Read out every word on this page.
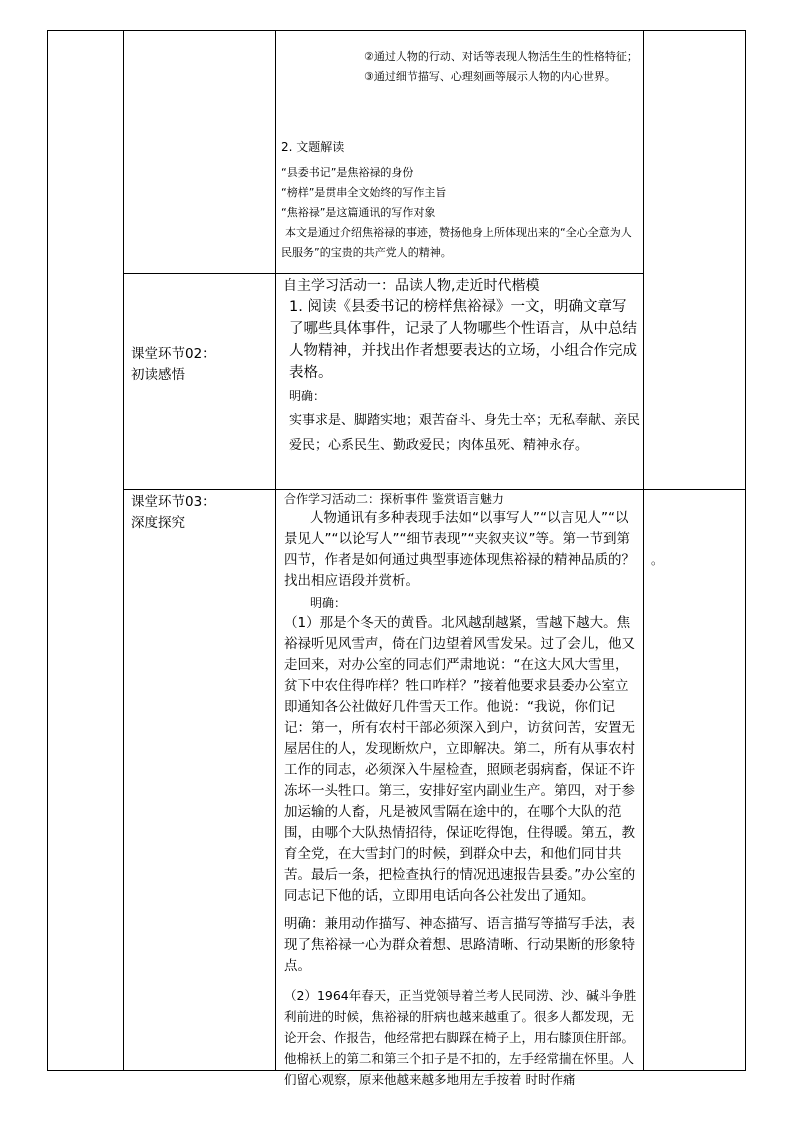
②通过人物的行动、对话等表现人物活生生的性格特征；

③通过细节描写、心理刻画等展示人物的内心世界。

2. 文题解读

“县委书记”是焦裕禄的身份

“榜样”是贯串全文始终的写作主旨

“焦裕禄”是这篇通讯的写作对象

本文是通过介绍焦裕禄的事迹，赞扬他身上所体现出来的“全心全意为人民服务”的宝贵的共产党人的精神。

课堂环节02：

初读感悟

自主学习活动一：品读人物,走近时代楷模

1. 阅读《县委书记的榜样焦裕禄》一文，明确文章写了哪些具体事件，记录了人物哪些个性语言，从中总结人物精神，并找出作者想要表达的立场，小组合作完成表格。

明确：

实事求是、脚踏实地；艰苦奋斗、身先士卒；无私奉献、亲民爱民；心系民生、勤政爱民；肉体虽死、精神永存。

课堂环节03：

深度探究

合作学习活动二：探析事件 鉴赏语言魅力

人物通讯有多种表现手法如“以事写人”“以言见人”“以景见人”“以论写人”“细节表现”“夹叙夹议”等。第一节到第四节，作者是如何通过典型事迹体现焦裕禄的精神品质的？找出相应语段并赏析。

明确：

（1）那是个冬天的黄昏。北风越刮越紧，雪越下越大。焦裕禄听见风雪声，倚在门边望着风雪发呆。过了会儿，他又走回来，对办公室的同志们严肃地说：“在这大风大雪里，贫下中农住得咋样？牲口咋样？”接着他要求县委办公室立即通知各公社做好几件雪天工作。他说：“我说，你们记记：第一，所有农村干部必须深入到户，访贫问苦，安置无屋居住的人，发现断炊户，立即解决。第二，所有从事农村工作的同志，必须深入牛屋检查，照顾老弱病畜，保证不许冻坏一头牲口。第三，安排好室内副业生产。第四，对于参加运输的人畜，凡是被风雪隔在途中的，在哪个大队的范围，由哪个大队热情招待，保证吃得饱，住得暖。第五，教育全党，在大雪封门的时候，到群众中去，和他们同甘共苦。最后一条，把检查执行的情况迅速报告县委。”办公室的同志记下他的话，立即用电话向各公社发出了通知。

明确：兼用动作描写、神态描写、语言描写等描写手法，表现了焦裕禄一心为群众着想、思路清晰、行动果断的形象特点。

（2）1964年春天，正当党领导着兰考人民同涝、沙、碱斗争胜利前进的时候，焦裕禄的肝病也越来越重了。很多人都发现，无论开会、作报告，他经常把右脚踩在椅子上，用右膝顶住肝部。他棉袄上的第二和第三个扣子是不扣的，左手经常揣在怀里。人们留心观察，原来他越来越多地用左手按着 时时作痛

。
